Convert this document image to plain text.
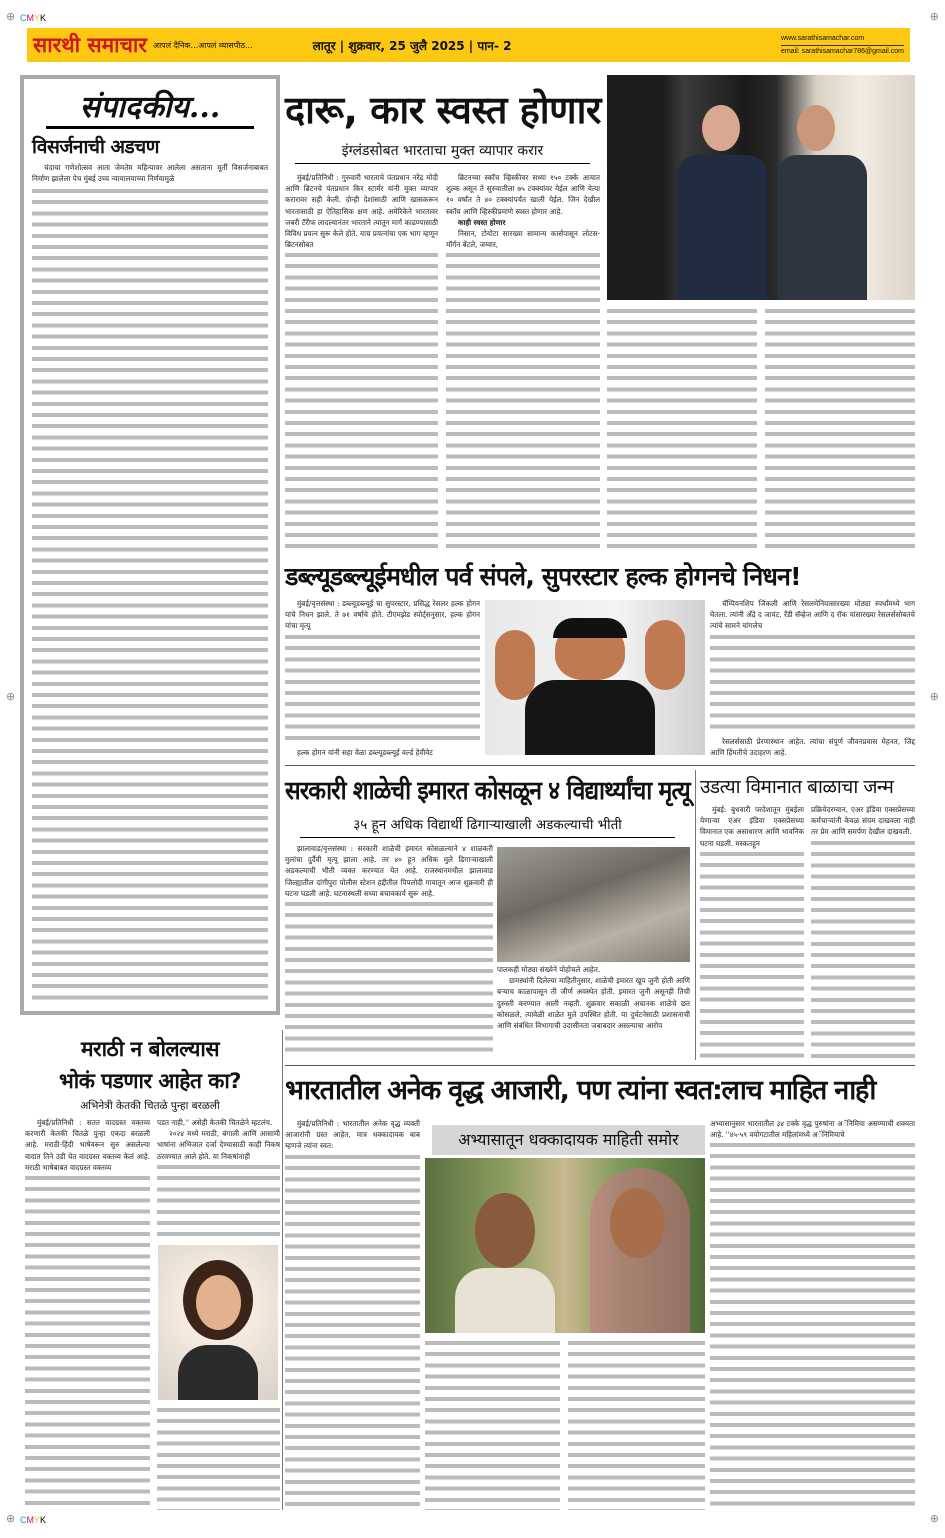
⊕ CMYK	⊕
⊕ CMYK	⊕
⊕	⊕
सारथी समाचार आपलं दैनिक...आपलं व्यासपीठ...	लातूर | शुक्रवार, 25 जुलै 2025 | पान- 2
www.sarathisamachar.com
email: sarathisamachar786@gmail.com
संपादकीय...
विसर्जनाची अडचण

चंदाचा गणेशोत्सव आता जेमतेम महिन्यावर आलेला असताना मूर्ती विसर्जनाबाबत निर्माण झालेला पेच मुंबई उच्च न्यायालयाच्या निर्णयामुळे

दारू, कार स्वस्त होणार
इंग्लंडसोबत भारताचा मुक्त व्यापार करार

मुंबई/प्रतिनिधी : गुरुवारी भारताचे पंतप्रधान नरेंद्र मोदी आणि ब्रिटनचे पंतप्रधान किर स्टार्मर यांनी मुक्त व्यापार करारावर सही केली. दोन्ही देशांसाठी आणि खासकरून भारतासाठी हा ऐतिहासिक क्षण आहे. अमेरिकेने भारतावर जबरी टॅरीफ लादल्यानंतर भारताने त्यातून मार्ग काढण्यासाठी विविध प्रयत्न सुरू केले होते. याच प्रयत्नांचा एक भाग म्हणून ब्रिटनसोबत

ब्रिटनच्या स्कॉच व्हिस्कीवर सध्या १५० टक्के आयात शुल्क असून ते सुरुवातीला ७५ टक्क्यांवर येईल आणि येत्या १० वर्षांत ते ४० टक्क्यांपर्यंत खाली येईल. जिन देखील स्कॉच आणि व्हिस्कीप्रमाणे स्वस्त होणार आहे.

काही स्वस्त होणार

निसान, टोयोटा सारख्या सामान्य कार्सपासून लोटस-मॉर्गन बेंटले, जग्वार,

डब्ल्यूडब्ल्यूईमधील पर्व संपले, सुपरस्टार हल्क होगनचे निधन!

मुंबई/वृत्तसंस्था : डब्ल्यूडब्ल्यूई चा सुपरस्टार, प्रसिद्ध रेसलर हल्क होगन यांचे निधन झाले. ते ७१ वर्षांचे होते. टीएमझेड स्पोर्ट्सनुसार, हल्क होगन यांचा मृत्यू

हल्क होगन यांनी सहा वेळा डब्ल्यूडब्ल्यूई वर्ल्ड हेवीवेट

चॅम्पियनशिप जिंकली आणि रेसलमेनियासारख्या मोठ्या स्पर्धांमध्ये भाग घेतला. त्यांनी अँद्रे द जायंट, रँडी सॅव्हेज आणि द रॉक यांसारख्या रेसलर्ससोबतचे त्यांचे सामने चांगलेच

रेसलर्ससाठी प्रेरणास्थान आहेत. त्यांचा संपूर्ण जीवनप्रवास मेहनत, जिद्द आणि हिंमतीचे उदाहरण आहे.

सरकारी शाळेची इमारत कोसळून ४ विद्यार्थ्यांचा मृत्यू
३५ हून अधिक विद्यार्थी ढिगाऱ्याखाली अडकल्याची भीती

झालावाड/वृत्तसंस्था : सरकारी शाळेची इमारत कोसळल्याने ४ शाळकरी मुलांचा दुर्दैवी मृत्यू झाला आहे, तर ४० हून अधिक मुले ढिगाऱ्याखाली अडकल्याची भीती व्यक्त करण्यात येत आहे. राजस्थानमधील झालावाड जिल्ह्यातील दांगीपुरा पोलीस स्टेशन हद्दीतील पिपलोदी गावातून आज शुक्रवारी ही घटना घडली आहे. घटनास्थली सध्या बचावकार्य सुरू आहे.

पालकही मोठ्या संख्येने पोहोचले आहेत.

ग्रामस्थांनी दिलेल्या माहितीनुसार, शाळेची इमारत खूप जुनी होती आणि बऱ्याच काळापासून ती जीर्ण अवस्थेत होती. इमारत जुनी असूनही तिची दुरुस्ती करण्यात आली नव्हती. शुक्रवार सकाळी अचानक शाळेचे छत कोसळले, त्यावेळी शाळेत मुले उपस्थित होती. या दुर्घटनेसाठी प्रशासनाची आणि संबंधित विभागाची उदासीनता जबाबदार असल्याचा आरोप

उडत्या विमानात बाळाचा जन्म

मुंबई: बुधवारी परदेशातून मुंबईला येणाऱ्या एअर इंडिया एक्सप्रेसच्या विमानात एक असाधारण आणि भावनिक घटना घडली. मस्कतहून

प्रक्रियेदरम्यान, एअर इंडिया एक्सप्रेसच्या कर्मचाऱ्यांनी केवळ संयम दाखवला नाही तर प्रेम आणि समर्पण देखील दाखवली.

मराठी न बोलल्यास
भोकं पडणार आहेत का?
अभिनेत्री केतकी चितळे पुन्हा बरळली

मुंबई/प्रतिनिधी : सतत वादग्रस्त वक्तव्य करणारी केतकी चितळे पुन्हा एकदा बरळली आहे. मराठी-हिंदी भाषेवरून सुरु असलेल्या वादात तिने उडी घेत वादग्रस्त वक्तव्य केलं आहे. मराठी भाषेबाबत वादग्रस्त वक्तव्य

पडत नाही,'' असेही केतकी चितळेने म्हटलंय.

२०२४ मध्ये मराठी, बंगाली आणि आसामी भाषांना अभिजात दर्जा देण्यासाठी काही निकष ठरवण्यात आले होते. या निकषांनाही

भारतातील अनेक वृद्ध आजारी, पण त्यांना स्वत:लाच माहित नाही

मुंबई/प्रतिनिधी : भारतातील अनेक वृद्ध व्यक्ती आजारांनी ग्रस्त आहेत, मात्र धक्कादायक बाब म्हणजे त्यांना स्वत:	अभ्यासातून धक्कादायक माहिती समोर

अभ्यासानुसार भारतातील ३४ टक्के वृद्ध पुरुषांना अॅनिमिया असण्याची शक्यता आहे. ''४५-५९ वयोगटातील महिलांमध्ये अॅनिमियाचे
